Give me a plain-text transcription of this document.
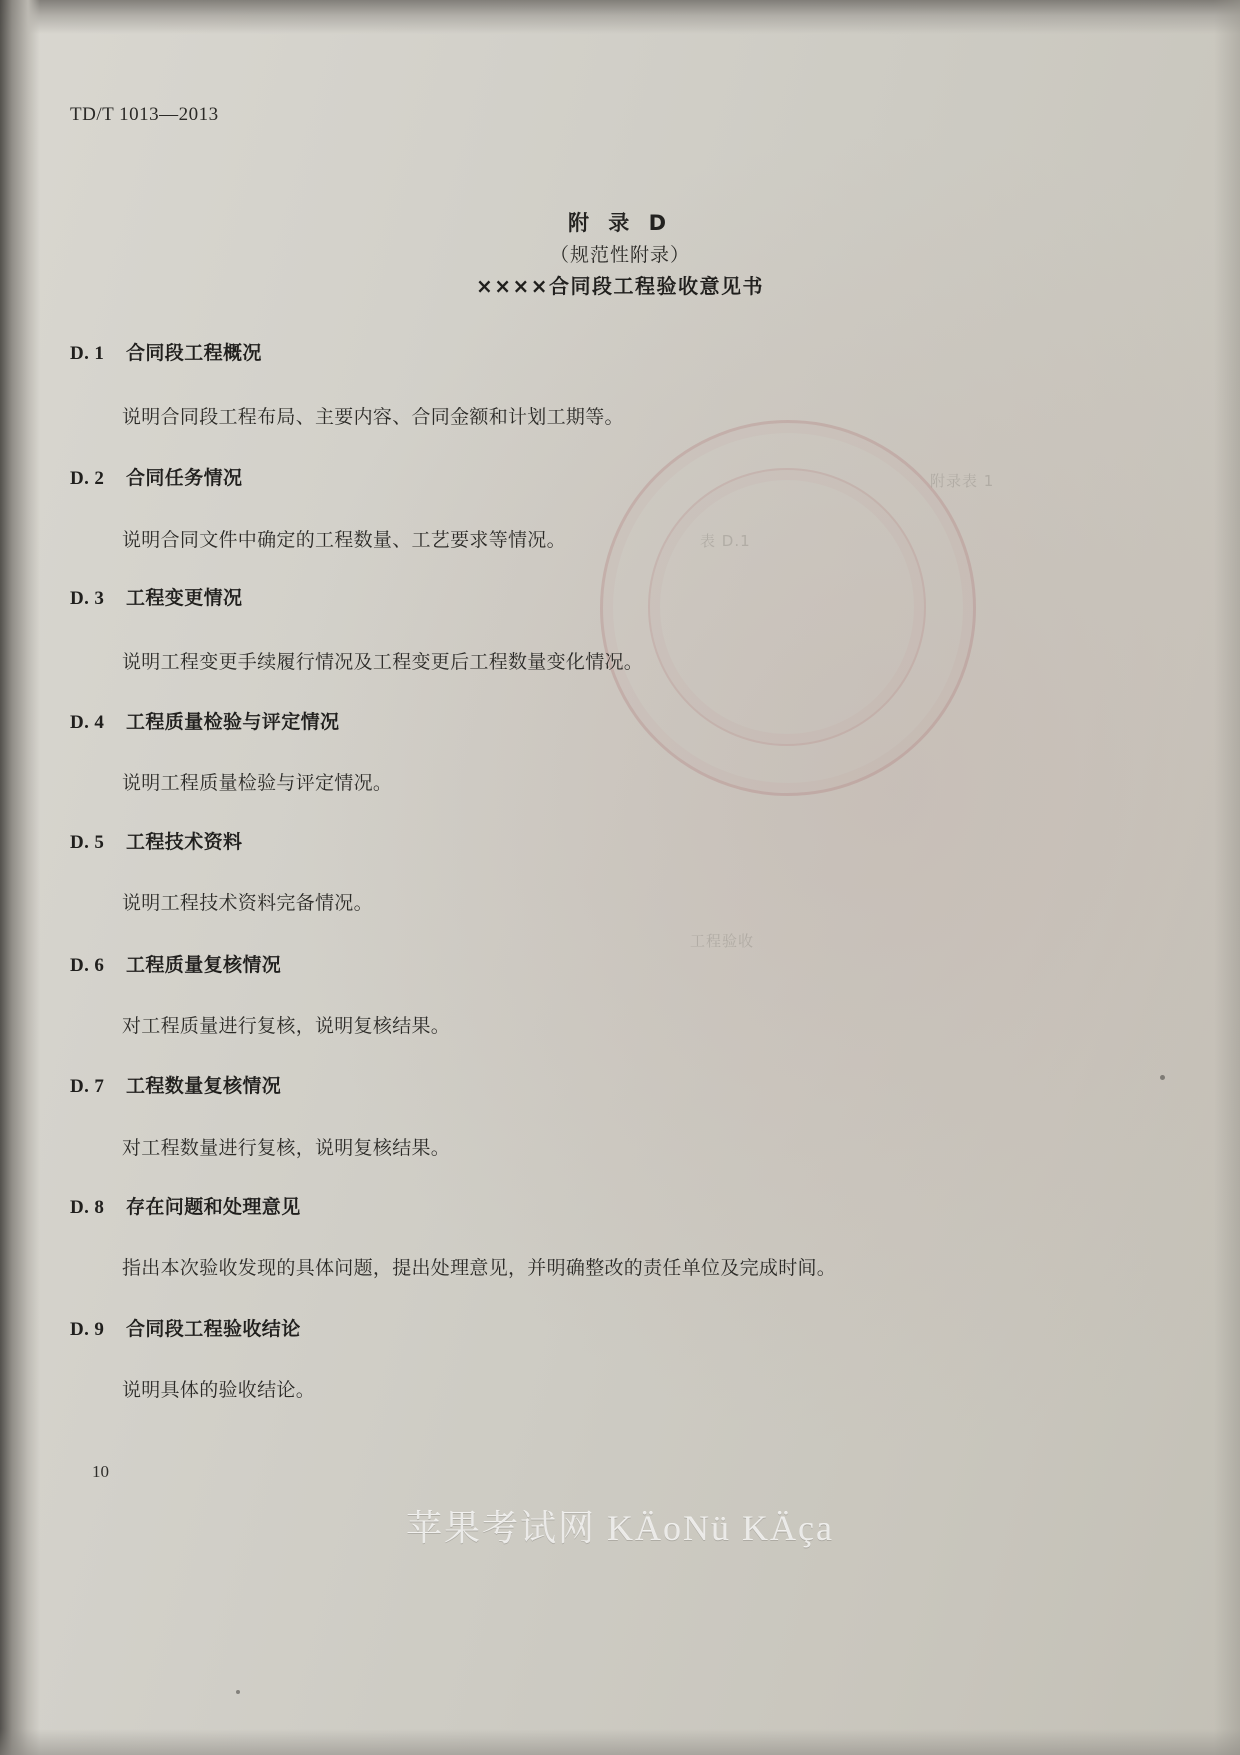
附录表 1
表 D.1
工程验收
TD/T 1013—2013
附 录 D
（规范性附录）
××××合同段工程验收意见书
D. 1 合同段工程概况
说明合同段工程布局、主要内容、合同金额和计划工期等。
D. 2 合同任务情况
说明合同文件中确定的工程数量、工艺要求等情况。
D. 3 工程变更情况
说明工程变更手续履行情况及工程变更后工程数量变化情况。
D. 4 工程质量检验与评定情况
说明工程质量检验与评定情况。
D. 5 工程技术资料
说明工程技术资料完备情况。
D. 6 工程质量复核情况
对工程质量进行复核，说明复核结果。
D. 7 工程数量复核情况
对工程数量进行复核，说明复核结果。
D. 8 存在问题和处理意见
指出本次验收发现的具体问题，提出处理意见，并明确整改的责任单位及完成时间。
D. 9 合同段工程验收结论
说明具体的验收结论。
10
苹果考试网 KÄoNü KÄçа
